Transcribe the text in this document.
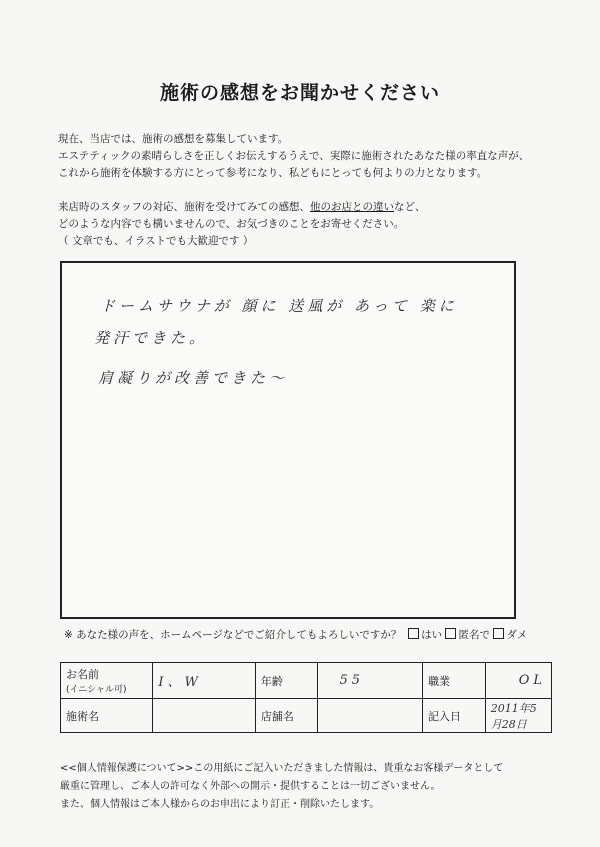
施術の感想をお聞かせください
現在、当店では、施術の感想を募集しています。
エステティックの素晴らしさを正しくお伝えするうえで、実際に施術されたあなた様の率直な声が、
これから施術を体験する方にとって参考になり、私どもにとっても何よりの力となります。
来店時のスタッフの対応、施術を受けてみての感想、他のお店との違いなど、
どのような内容でも構いませんので、お気づきのことをお寄せください。
（ 文章でも、イラストでも大歓迎です ）
ドームサウナが 顔に 送風が あって 楽に
発汗できた。
肩凝りが改善できた～
※ あなた様の声を、ホームページなどでご紹介してもよろしいですか？ はい 匿名で ダメ
お名前
(イニシャル可)	I、W	年齢	55	職業	OL
施術名		店舗名		記入日	2011年5月28日
<<個人情報保護について>>この用紙にご記入いただきました情報は、貴重なお客様データとして
厳重に管理し、ご本人の許可なく外部への開示・提供することは一切ございません。
また、個人情報はご本人様からのお申出により訂正・削除いたします。
